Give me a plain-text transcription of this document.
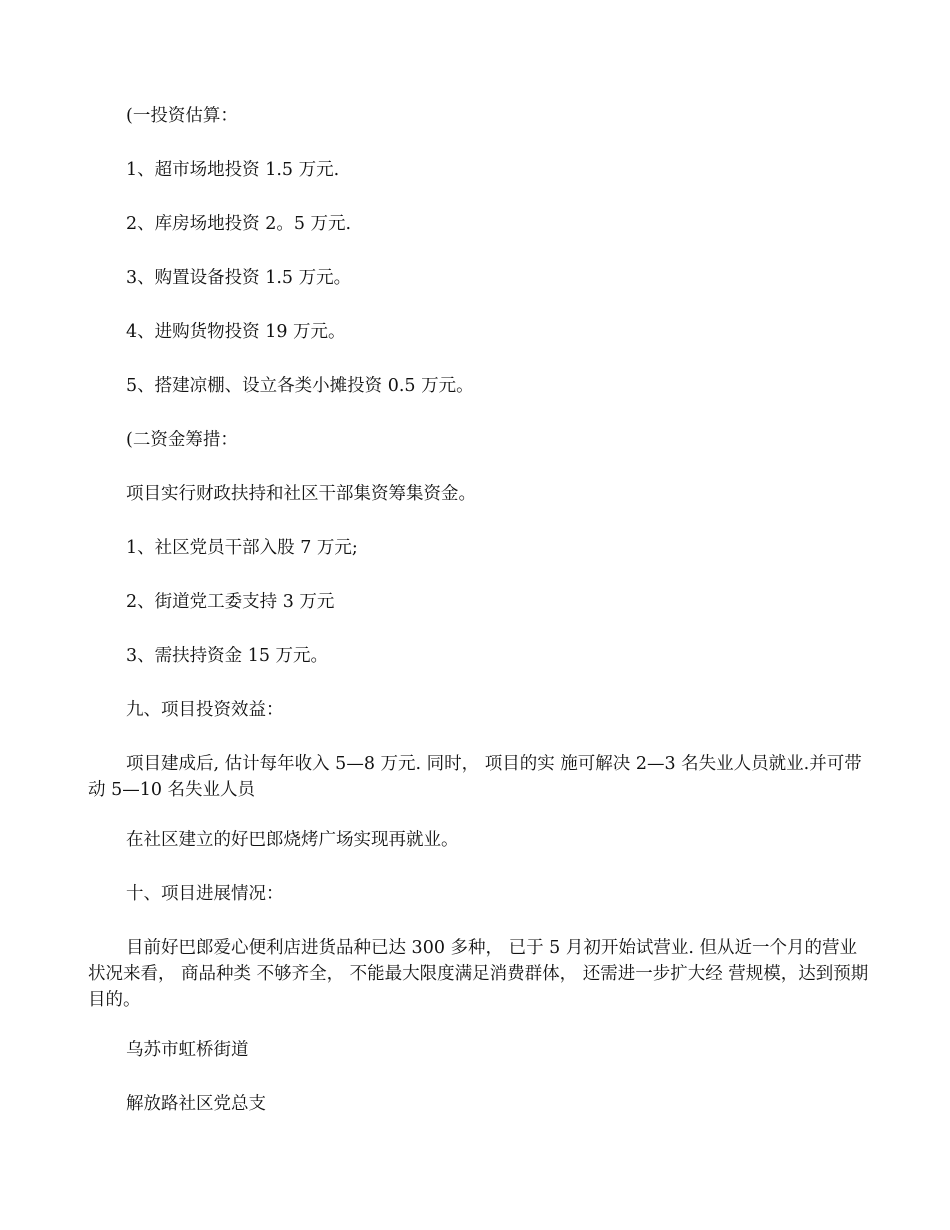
(一投资估算：

1、超市场地投资 1.5 万元.

2、库房场地投资 2。5 万元.

3、购置设备投资 1.5 万元。

4、进购货物投资 19 万元。

5、搭建凉棚、设立各类小摊投资 0.5 万元。

(二资金筹措：

项目实行财政扶持和社区干部集资筹集资金。

1、社区党员干部入股 7 万元;

2、街道党工委支持 3 万元

3、需扶持资金 15 万元。

九、项目投资效益：

项目建成后, 估计每年收入 5—8 万元. 同时， 项目的实 施可解决 2—3 名失业人员就业.并可带动 5—10 名失业人员

在社区建立的好巴郎烧烤广场实现再就业。

十、项目进展情况：

目前好巴郎爱心便利店进货品种已达 300 多种， 已于 5 月初开始试营业. 但从近一个月的营业状况来看， 商品种类 不够齐全， 不能最大限度满足消费群体， 还需进一步扩大经 营规模，达到预期目的。

乌苏市虹桥街道

解放路社区党总支
